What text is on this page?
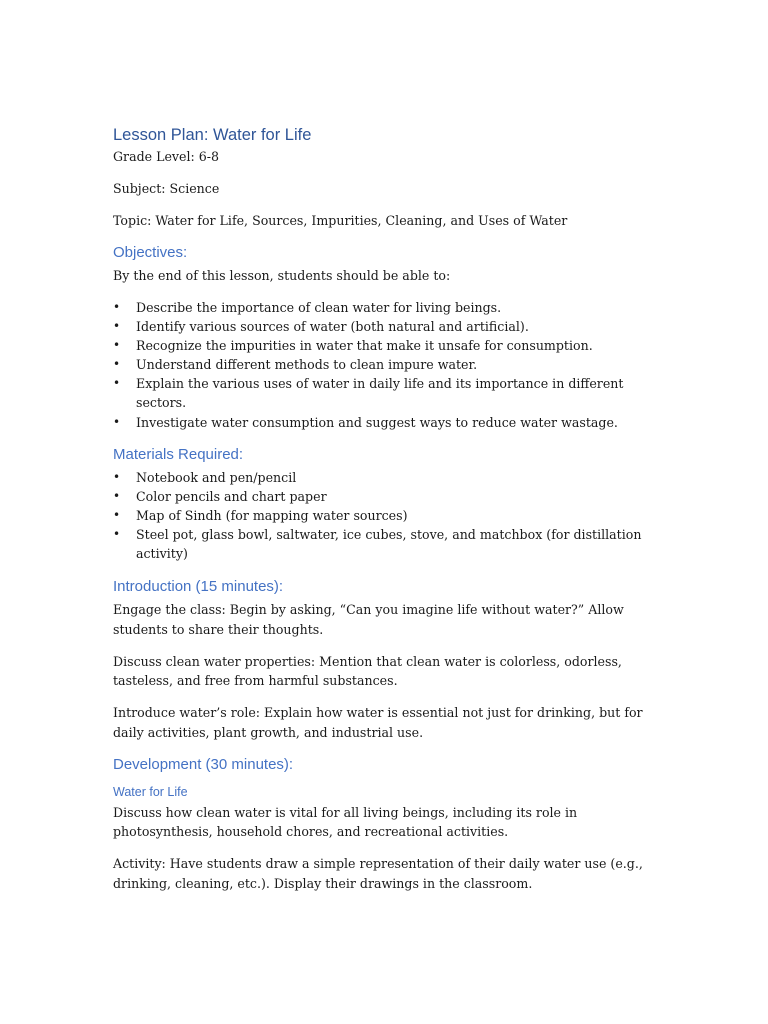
Lesson Plan: Water for Life

Grade Level: 6-8

Subject: Science

Topic: Water for Life, Sources, Impurities, Cleaning, and Uses of Water

Objectives:

By the end of this lesson, students should be able to:

• Describe the importance of clean water for living beings.
• Identify various sources of water (both natural and artificial).
• Recognize the impurities in water that make it unsafe for consumption.
• Understand different methods to clean impure water.
• Explain the various uses of water in daily life and its importance in different sectors.
• Investigate water consumption and suggest ways to reduce water wastage.
Materials Required:
• Notebook and pen/pencil
• Color pencils and chart paper
• Map of Sindh (for mapping water sources)
• Steel pot, glass bowl, saltwater, ice cubes, stove, and matchbox (for distillation activity)
Introduction (15 minutes):

Engage the class: Begin by asking, “Can you imagine life without water?” Allow students to share their thoughts.

Discuss clean water properties: Mention that clean water is colorless, odorless, tasteless, and free from harmful substances.

Introduce water’s role: Explain how water is essential not just for drinking, but for daily activities, plant growth, and industrial use.

Development (30 minutes):
Water for Life

Discuss how clean water is vital for all living beings, including its role in photosynthesis, household chores, and recreational activities.

Activity: Have students draw a simple representation of their daily water use (e.g., drinking, cleaning, etc.). Display their drawings in the classroom.
